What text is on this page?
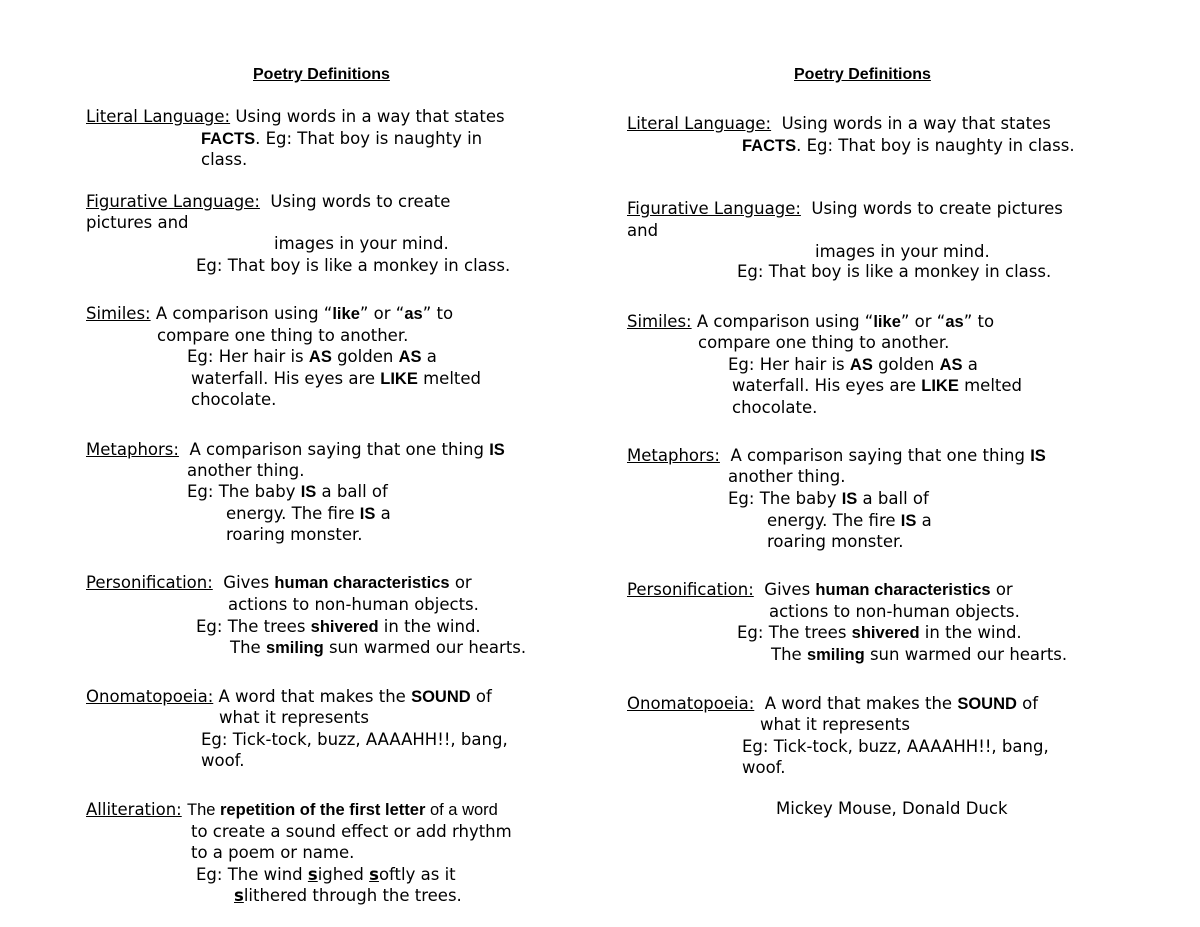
Poetry Definitions
Literal Language: Using words in a way that states
FACTS. Eg: That boy is naughty in
class.
Figurative Language: Using words to create
pictures and
images in your mind.
Eg: That boy is like a monkey in class.
Similes: A comparison using “like” or “as” to
compare one thing to another.
Eg: Her hair is AS golden AS a
waterfall. His eyes are LIKE melted
chocolate.
Metaphors: A comparison saying that one thing IS
another thing.
Eg: The baby IS a ball of
energy. The fire IS a
roaring monster.
Personification: Gives human characteristics or
actions to non-human objects.
Eg: The trees shivered in the wind.
The smiling sun warmed our hearts.
Onomatopoeia: A word that makes the SOUND of
what it represents
Eg: Tick-tock, buzz, AAAAHH!!, bang,
woof.
Alliteration: The repetition of the first letter of a word
to create a sound effect or add rhythm
to a poem or name.
Eg: The wind sighed softly as it
slithered through the trees.
Poetry Definitions
Literal Language: Using words in a way that states
FACTS. Eg: That boy is naughty in class.
Figurative Language: Using words to create pictures
and
images in your mind.
Eg: That boy is like a monkey in class.
Similes: A comparison using “like” or “as” to
compare one thing to another.
Eg: Her hair is AS golden AS a
waterfall. His eyes are LIKE melted
chocolate.
Metaphors: A comparison saying that one thing IS
another thing.
Eg: The baby IS a ball of
energy. The fire IS a
roaring monster.
Personification: Gives human characteristics or
actions to non-human objects.
Eg: The trees shivered in the wind.
The smiling sun warmed our hearts.
Onomatopoeia: A word that makes the SOUND of
what it represents
Eg: Tick-tock, buzz, AAAAHH!!, bang,
woof.
Mickey Mouse, Donald Duck
